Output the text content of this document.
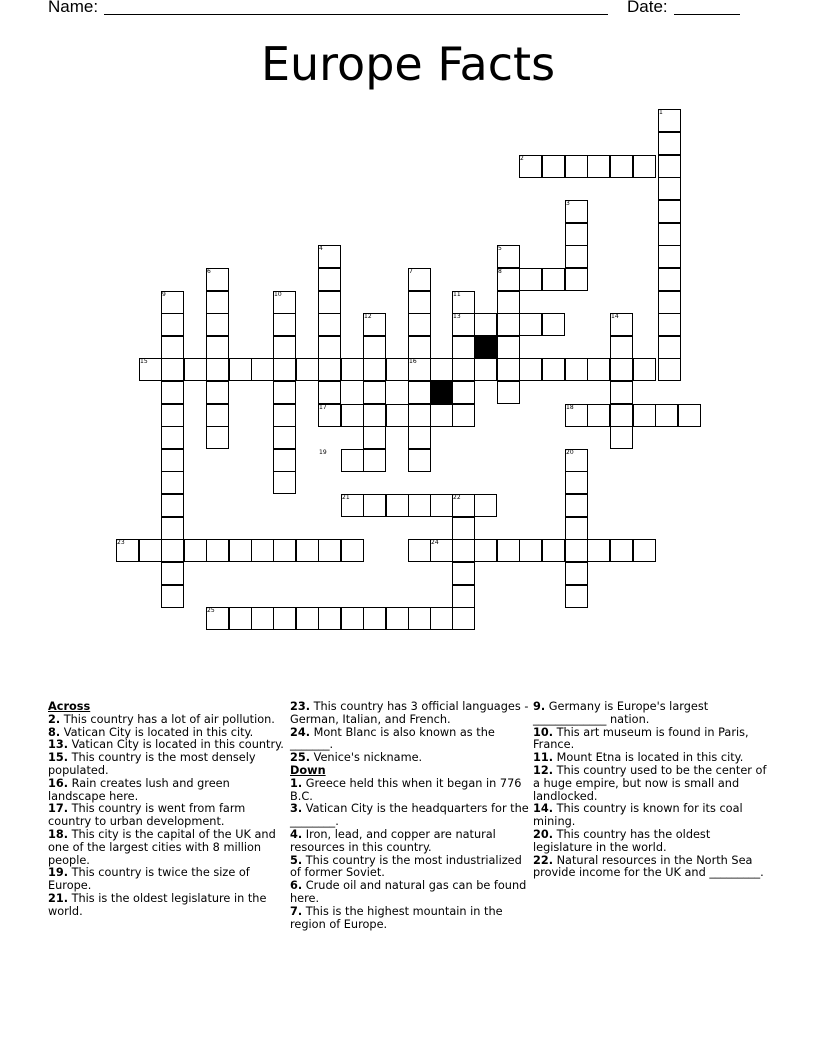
Name:	Date:
Europe Facts
1
2
3
4	5
6	7	8
9	10	11
12	13	14
15	16
17	18
19	20
21	22
23	24
25
Across

2. This country has a lot of air pollution.

8. Vatican City is located in this city.

13. Vatican City is located in this country.

15. This country is the most densely populated.

16. Rain creates lush and green landscape here.

17. This country is went from farm country to urban development.

18. This city is the capital of the UK and one of the largest cities with 8 million people.

19. This country is twice the size of Europe.

21. This is the oldest legislature in the world.

23. This country has 3 official languages - German, Italian, and French.

24. Mont Blanc is also known as the _______.

25. Venice's nickname.

Down

1. Greece held this when it began in 776 B.C.

3. Vatican City is the headquarters for the ________.

4. Iron, lead, and copper are natural resources in this country.

5. This country is the most industrialized of former Soviet.

6. Crude oil and natural gas can be found here.

7. This is the highest mountain in the region of Europe.

9. Germany is Europe's largest _____________ nation.

10. This art museum is found in Paris, France.

11. Mount Etna is located in this city.

12. This country used to be the center of a huge empire, but now is small and landlocked.

14. This country is known for its coal mining.

20. This country has the oldest legislature in the world.

22. Natural resources in the North Sea provide income for the UK and _________.
